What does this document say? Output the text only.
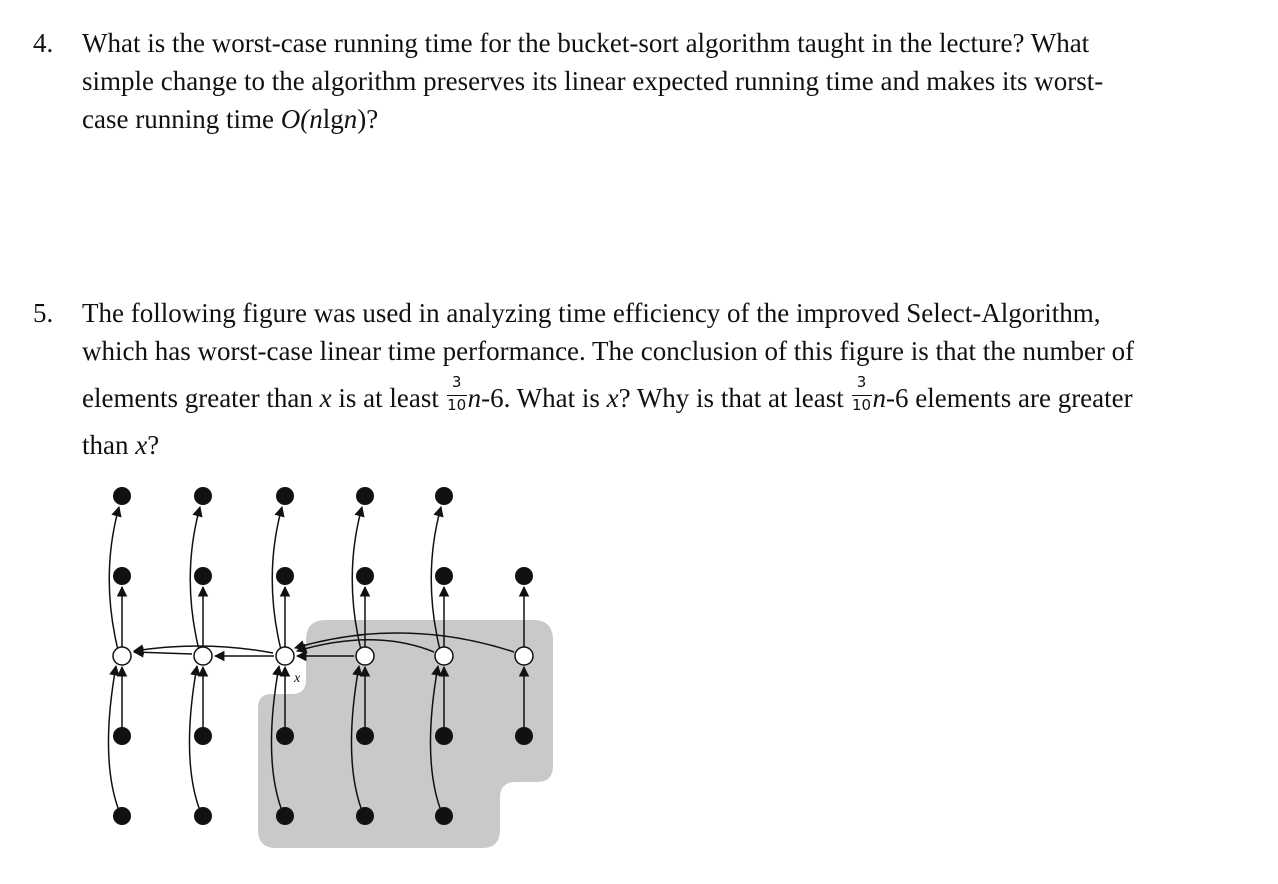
4. What is the worst-case running time for the bucket-sort algorithm taught in the lecture? What
simple change to the algorithm preserves its linear expected running time and makes its worst-
case running time O(nlgn)?
5. The following figure was used in analyzing time efficiency of the improved Select-Algorithm,
which has worst-case linear time performance. The conclusion of this figure is that the number of
elements greater than x is at least $\frac{3}{10} n-6$. What is x? Why is that at least $\frac{3}{10} n-6$ elements are greater
than x?
x
